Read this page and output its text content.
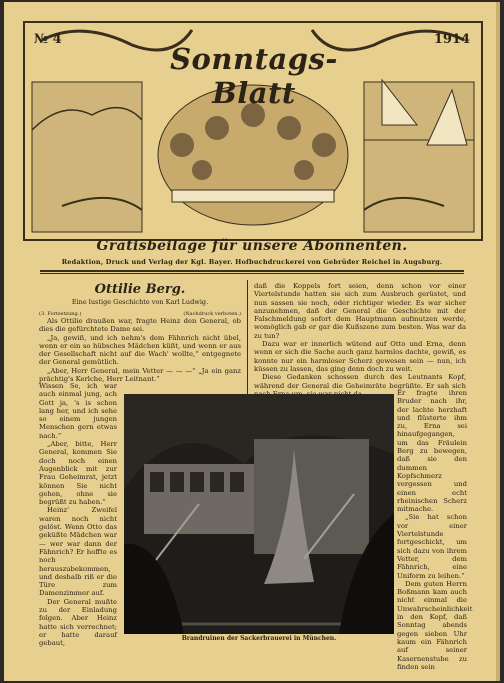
№ 4	1914
Sonntags-Blatt
Gratisbeilage für unsere Abonnenten.
Redaktion, Druck und Verlag der Kgl. Bayer. Hofbuchdruckerei von Gebrüder Reichel in Augsburg.
Ottilie Berg.
Eine lustige Geschichte von Karl Ludwig.
(3. Fortsetzung.)	(Nachdruck verboten.)
Als Ottilie draußen war, fragte Heinz den General, ob dies die gefürchtete Dame sei.
„Ja, gewiß, und ich nehm's dem Fähnrich nicht übel, wenn er ein so hübsches Mädchen küßt, und wenn er aus der Gesellschaft nicht auf die Wach' wollte,“ entgegnete der General gemütlich.
„Aber, Herr General, mein Vetter — — —“ „Ja ein ganz prächtig's Kerlche, Herr Leitnant.“
daß die Koppels fort seien, denn schon vor einer Viertelstunde hatten sie sich zum Ausbruch gerüstet, und nun sassen sie noch, oder richtiger wieder. Es war sicher anzunehmen, daß der General die Geschichte mit der Falschmeldung sofort dem Hauptmann aufmutzen werde, womöglich gab er gar die Kußszene zum besten. Was war da zu tun?
Dazu war er innerlich wütend auf Otto und Erna, denn wenn er sich die Sache auch ganz harmlos dachte, gewiß, es konnte nur ein harmloser Scherz gewesen sein — nun, ich küssen zu lassen, das ging denn doch zu weit.
Diese Gedanken schossen durch des Leutnants Kopf, während der General die Geheimräte begrüßte. Er sah sich
Wissen Se, ich war auch einmal jung, ach Gott ja, 's is schon lang her, und ich sehe so einem jungen Menschen gern etwas nach.“
„Aber, bitte, Herr General, kommen Sie doch noch einen Augenblick mit zur Frau Geheimrat, jetzt können Sie nicht gehen, ohne sie begrüßt zu haben.“
Heinz' Zweifel waren noch nicht gelöst. Wenn Otto das geküßte Mädchen war — wer war dann der Fähnrich? Er hoffte es noch herauszubekommen, und deshalb riß er die Türe zum Damenzimmer auf.
Der General mußte zu der Einladung folgen. Aber Heinz hatte sich verrechnet; er hatte darauf gebaut,
Er fragte ihren Bruder nach ihr, der lachte herzhaft und flüsterte ihm zu, Erna sei hinaufgegangen, um das Fräulein Berg zu bewegen, daß sie den dummen Kopfschmerz vergessen und einen echt rheinischen Scherz mitmache.
„Sie hat schon vor einer Viertelstunde fortgeschickt, um sich dazu von ihrem Vetter, dem Fähnrich, eine Uniform zu leihen.“
Dem guten Herrn Boßmann kam auch nicht einmal die Unwahrscheinlichkeit in den Kopf, daß Sonntag abends gegen sieben Uhr kaum ein Fähnrich auf seiner Kasernenstube zu finden sein
Brandruinen der Sackerbrauerei in München.
